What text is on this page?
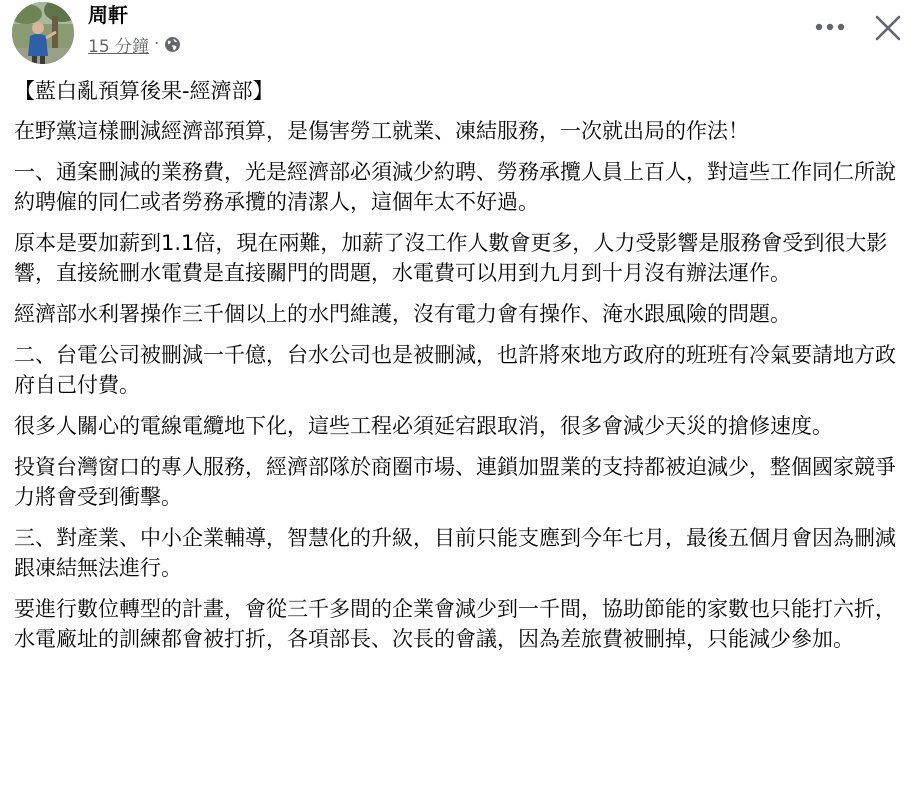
周軒
15 分鐘 ·

【藍白亂預算後果-經濟部】

在野黨這樣刪減經濟部預算，是傷害勞工就業、凍結服務，一次就出局的作法！

一、通案刪減的業務費，光是經濟部必須減少約聘、勞務承攬人員上百人，對這些工作同仁所說約聘僱的同仁或者勞務承攬的清潔人，這個年太不好過。

原本是要加薪到1.1倍，現在兩難，加薪了沒工作人數會更多，人力受影響是服務會受到很大影響，直接統刪水電費是直接關門的問題，水電費可以用到九月到十月沒有辦法運作。

經濟部水利署操作三千個以上的水門維護，沒有電力會有操作、淹水跟風險的問題。

二、台電公司被刪減一千億，台水公司也是被刪減，也許將來地方政府的班班有冷氣要請地方政府自己付費。

很多人關心的電線電纜地下化，這些工程必須延宕跟取消，很多會減少天災的搶修速度。

投資台灣窗口的專人服務，經濟部隊於商圈市場、連鎖加盟業的支持都被迫減少，整個國家競爭力將會受到衝擊。

三、對產業、中小企業輔導，智慧化的升級，目前只能支應到今年七月，最後五個月會因為刪減跟凍結無法進行。

要進行數位轉型的計畫，會從三千多間的企業會減少到一千間，協助節能的家數也只能打六折，水電廠址的訓練都會被打折，各項部長、次長的會議，因為差旅費被刪掉，只能減少參加。
